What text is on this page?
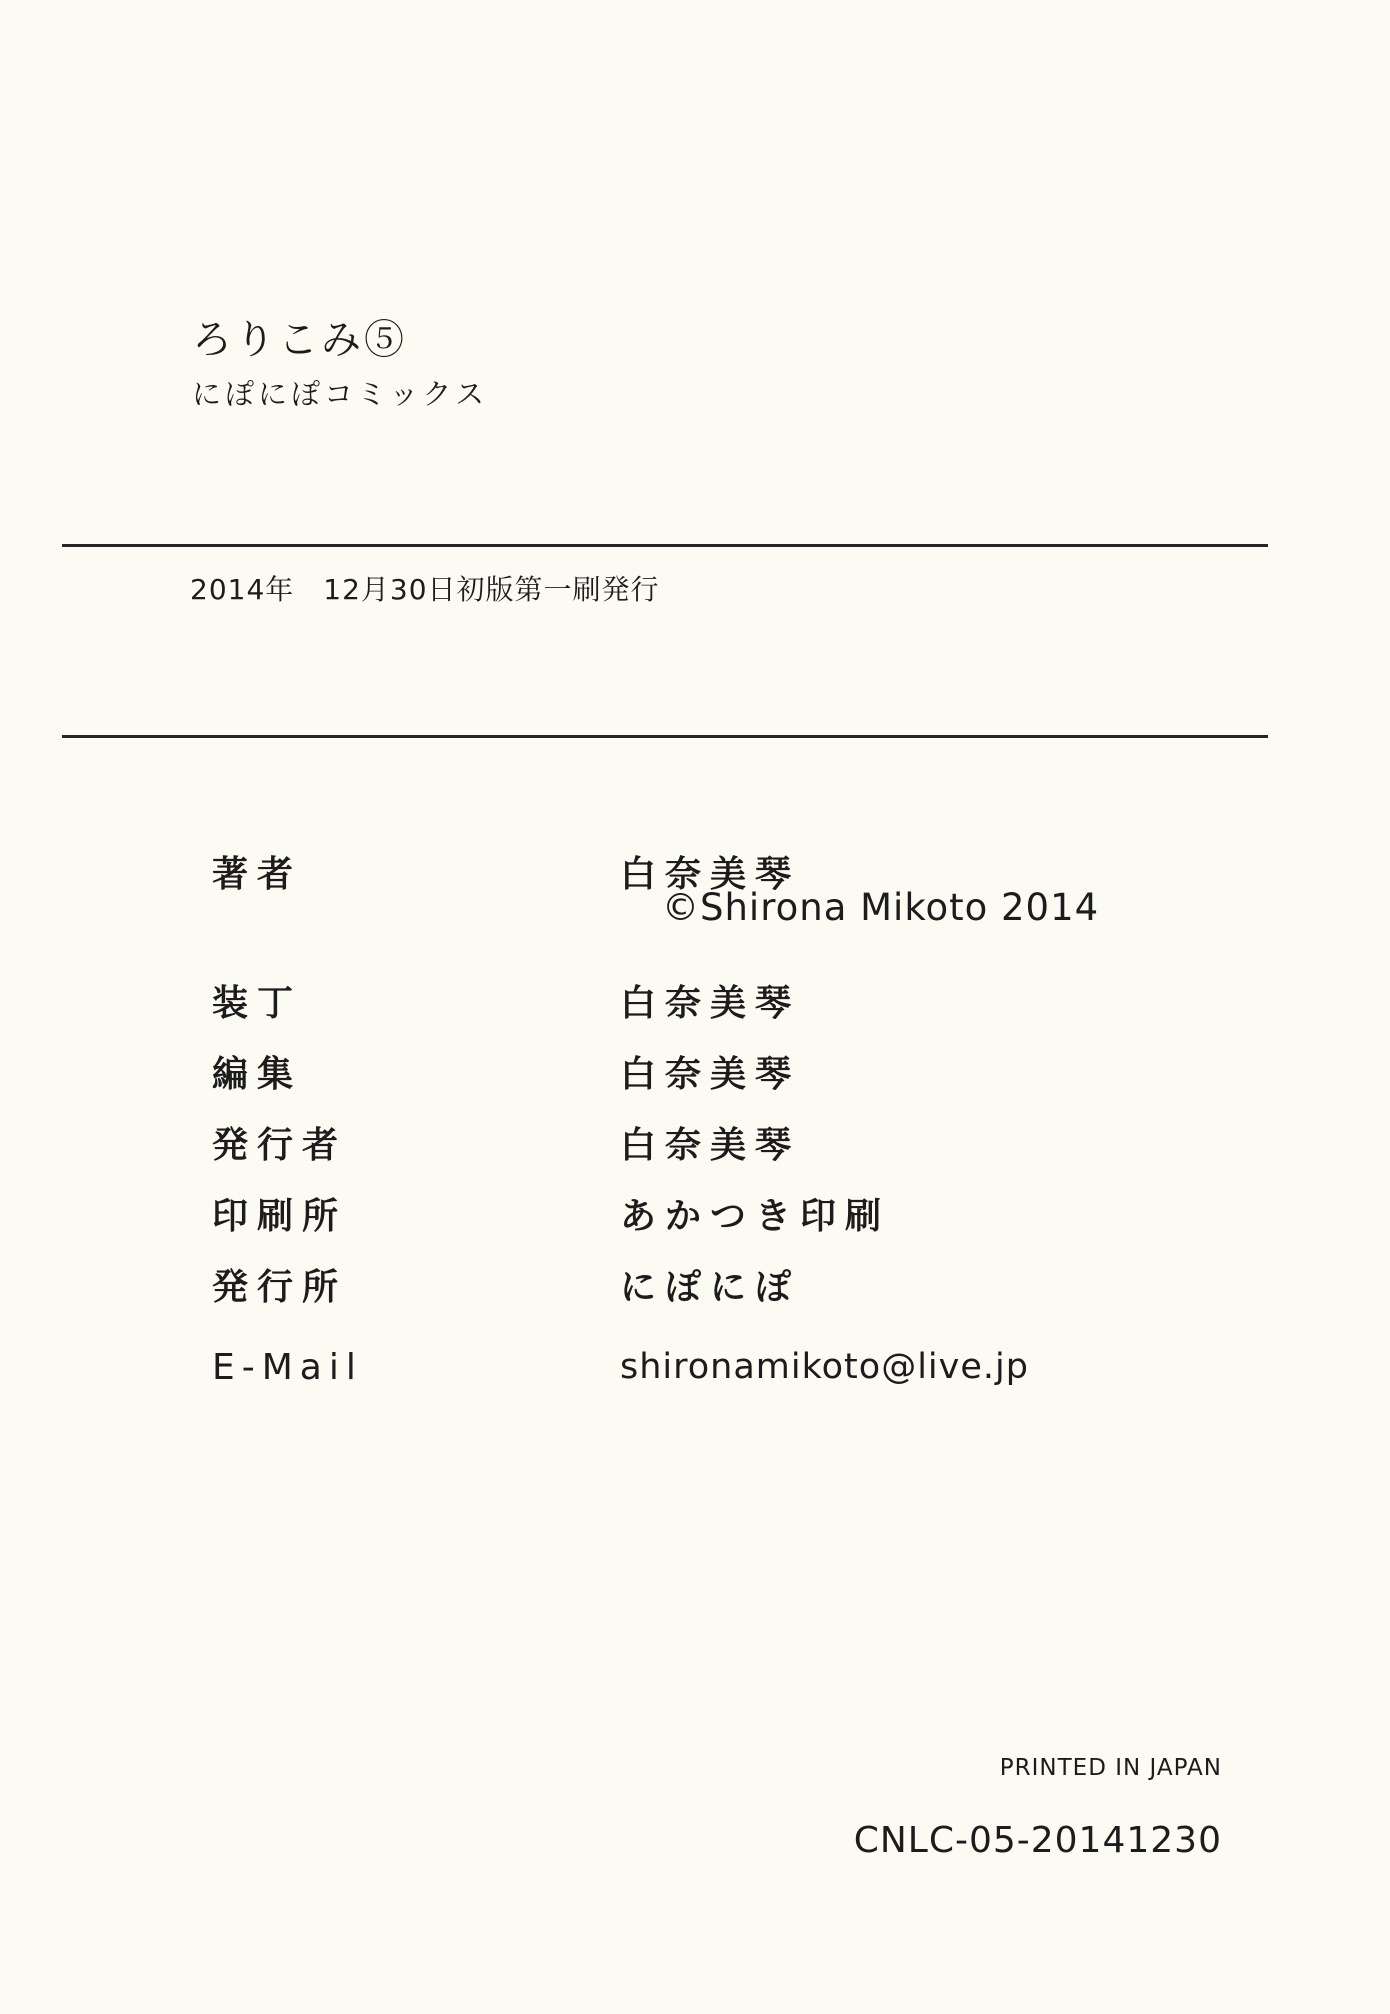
ろりこみ⑤
にぽにぽコミックス
2014年　12月30日初版第一刷発行
著者	白奈美琴
©Shirona Mikoto 2014
装丁	白奈美琴
編集	白奈美琴
発行者	白奈美琴
印刷所	あかつき印刷
発行所	にぽにぽ
E-Mail	shironamikoto@live.jp
PRINTED IN JAPAN
CNLC-05-20141230
